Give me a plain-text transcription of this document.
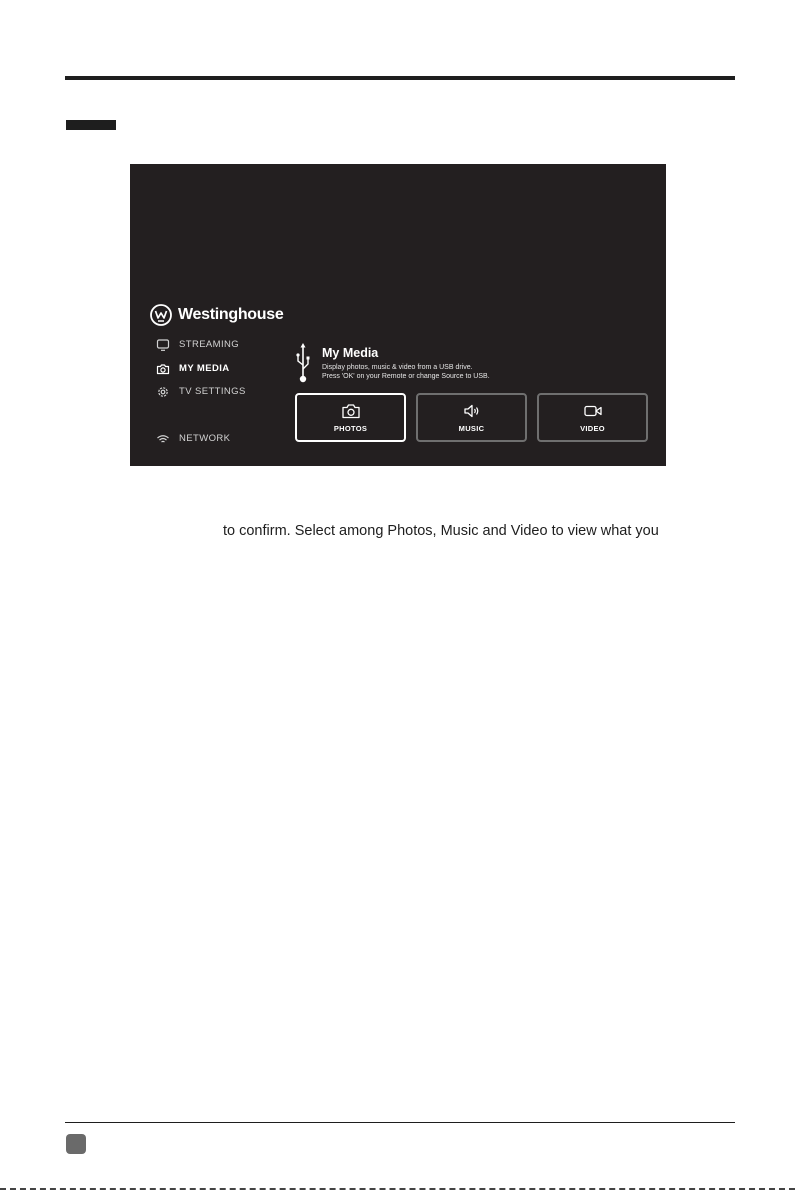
Westinghouse
STREAMING
MY MEDIA
TV SETTINGS
NETWORK
My Media
Display photos, music & video from a USB drive.
Press 'OK' on your Remote or change Source to USB.
PHOTOS	MUSIC	VIDEO
to confirm. Select among Photos, Music and Video to view what you
